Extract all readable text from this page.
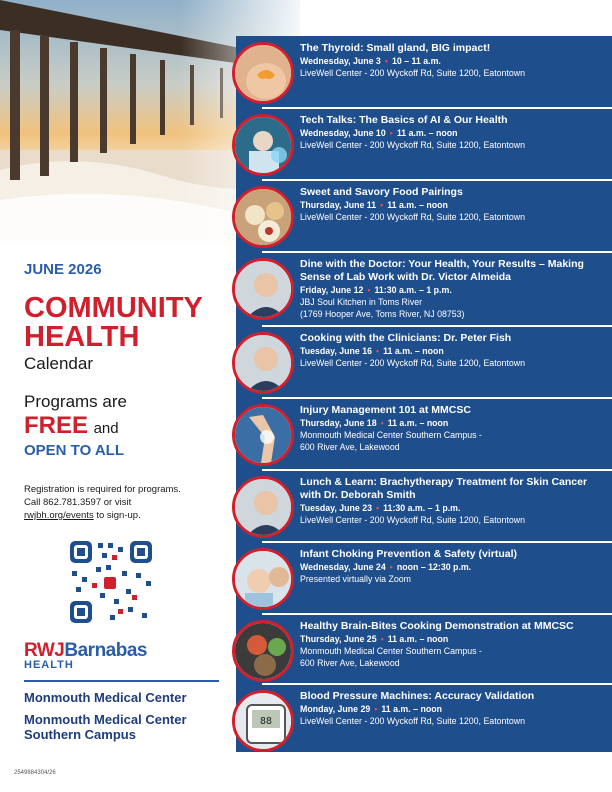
JUNE 2026
COMMUNITY
HEALTH
Calendar
Programs are
FREE and
OPEN TO ALL
Registration is required for programs. Call 862.781.3597 or visit rwjbh.org/events to sign-up.
RWJBarnabas
HEALTH
Monmouth Medical Center
Monmouth Medical Center
Southern Campus
2549884304/26
The Thyroid: Small gland, BIG impact!
Wednesday, June 3 • 10 – 11 a.m.
LiveWell Center - 200 Wyckoff Rd, Suite 1200, Eatontown
Tech Talks: The Basics of AI & Our Health
Wednesday, June 10 • 11 a.m. – noon
LiveWell Center - 200 Wyckoff Rd, Suite 1200, Eatontown
Sweet and Savory Food Pairings
Thursday, June 11 • 11 a.m. – noon
LiveWell Center - 200 Wyckoff Rd, Suite 1200, Eatontown
Dine with the Doctor: Your Health, Your Results – Making Sense of Lab Work with Dr. Victor Almeida
Friday, June 12 • 11:30 a.m. – 1 p.m.
JBJ Soul Kitchen in Toms River
(1769 Hooper Ave, Toms River, NJ 08753)
Cooking with the Clinicians: Dr. Peter Fish
Tuesday, June 16 • 11 a.m. – noon
LiveWell Center - 200 Wyckoff Rd, Suite 1200, Eatontown
Injury Management 101 at MMCSC
Thursday, June 18 • 11 a.m. – noon
Monmouth Medical Center Southern Campus -
600 River Ave, Lakewood
Lunch & Learn: Brachytherapy Treatment for Skin Cancer with Dr. Deborah Smith
Tuesday, June 23 • 11:30 a.m. – 1 p.m.
LiveWell Center - 200 Wyckoff Rd, Suite 1200, Eatontown
Infant Choking Prevention & Safety (virtual)
Wednesday, June 24 • noon – 12:30 p.m.
Presented virtually via Zoom
Healthy Brain-Bites Cooking Demonstration at MMCSC
Thursday, June 25 • 11 a.m. – noon
Monmouth Medical Center Southern Campus -
600 River Ave, Lakewood
88
Blood Pressure Machines: Accuracy Validation
Monday, June 29 • 11 a.m. – noon
LiveWell Center - 200 Wyckoff Rd, Suite 1200, Eatontown
